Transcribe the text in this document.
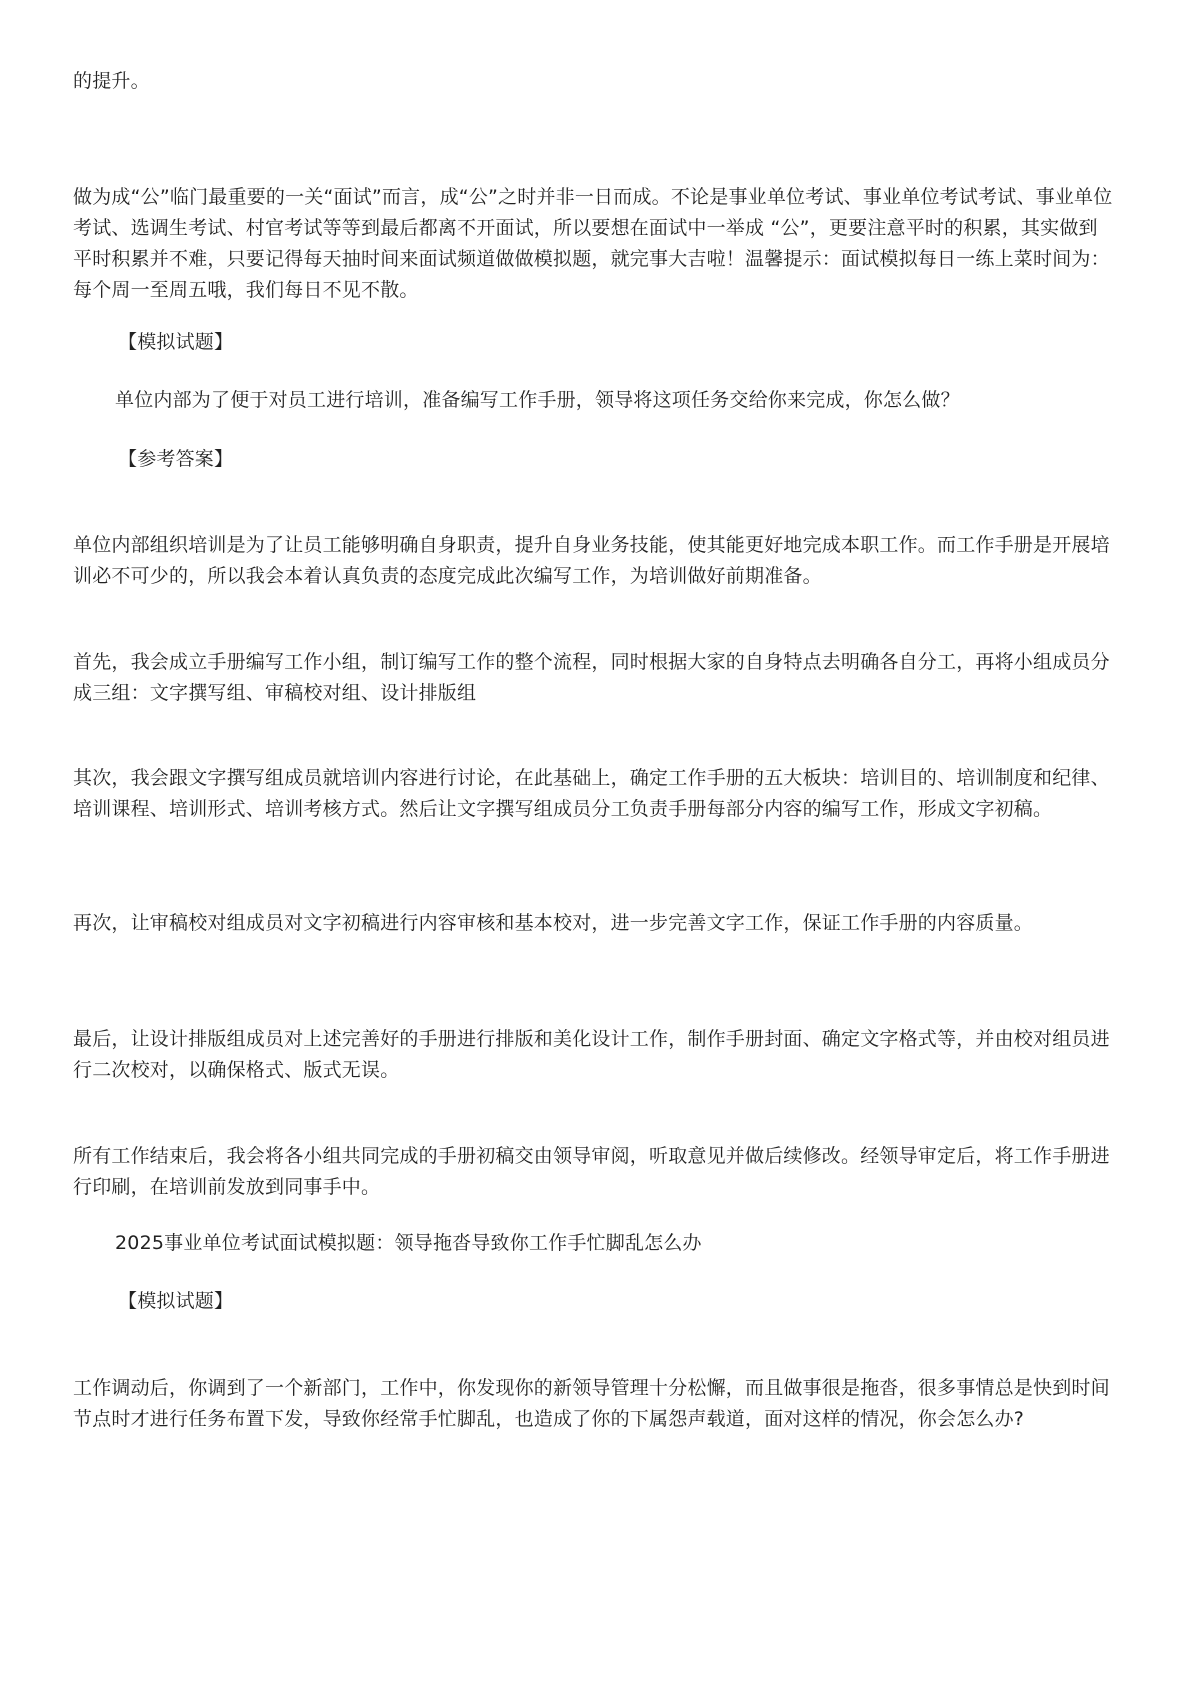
的提升。

做为成“公”临门最重要的一关“面试”而言，成“公”之时并非一日而成。不论是事业单位考试、事业单位考试考试、事业单位考试、选调生考试、村官考试等等到最后都离不开面试，所以要想在面试中一举成 “公”，更要注意平时的积累，其实做到平时积累并不难，只要记得每天抽时间来面试频道做做模拟题，就完事大吉啦！温馨提示：面试模拟每日一练上菜时间为：每个周一至周五哦，我们每日不见不散。

【模拟试题】

单位内部为了便于对员工进行培训，准备编写工作手册，领导将这项任务交给你来完成，你怎么做？

【参考答案】

单位内部组织培训是为了让员工能够明确自身职责，提升自身业务技能，使其能更好地完成本职工作。而工作手册是开展培训必不可少的，所以我会本着认真负责的态度完成此次编写工作，为培训做好前期准备。

首先，我会成立手册编写工作小组，制订编写工作的整个流程，同时根据大家的自身特点去明确各自分工，再将小组成员分成三组：文字撰写组、审稿校对组、设计排版组

其次，我会跟文字撰写组成员就培训内容进行讨论，在此基础上，确定工作手册的五大板块：培训目的、培训制度和纪律、培训课程、培训形式、培训考核方式。然后让文字撰写组成员分工负责手册每部分内容的编写工作，形成文字初稿。

再次，让审稿校对组成员对文字初稿进行内容审核和基本校对，进一步完善文字工作，保证工作手册的内容质量。

最后，让设计排版组成员对上述完善好的手册进行排版和美化设计工作，制作手册封面、确定文字格式等，并由校对组员进行二次校对，以确保格式、版式无误。

所有工作结束后，我会将各小组共同完成的手册初稿交由领导审阅，听取意见并做后续修改。经领导审定后，将工作手册进行印刷，在培训前发放到同事手中。

2025事业单位考试面试模拟题：领导拖沓导致你工作手忙脚乱怎么办

【模拟试题】

工作调动后，你调到了一个新部门，工作中，你发现你的新领导管理十分松懈，而且做事很是拖沓，很多事情总是快到时间节点时才进行任务布置下发，导致你经常手忙脚乱，也造成了你的下属怨声载道，面对这样的情况，你会怎么办?
